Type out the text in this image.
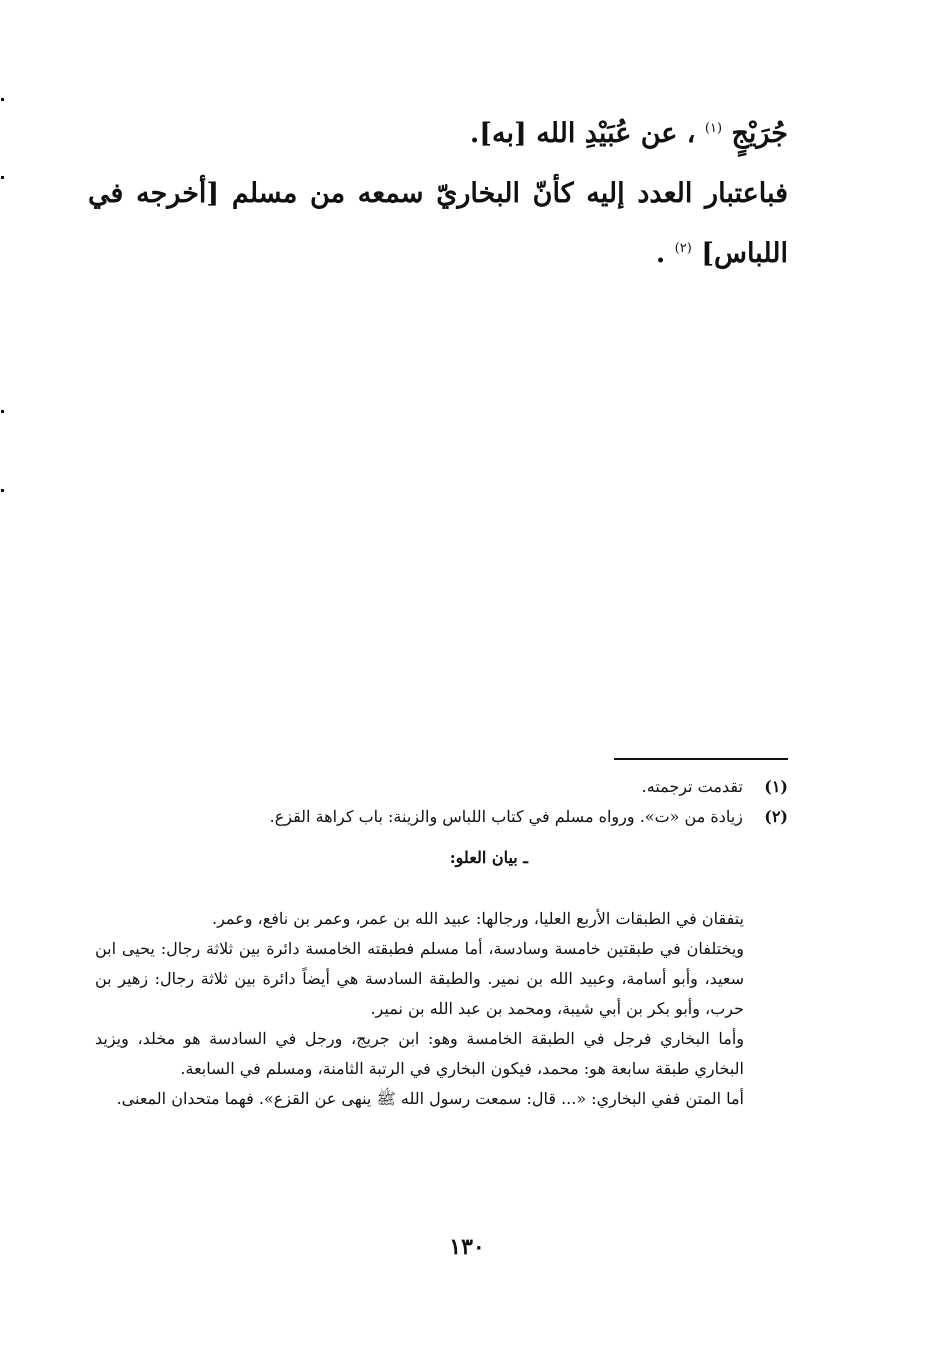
جُرَيْجٍ $^{(١)}$ ، عن عُبَيْدِ الله [به].

فباعتبار العدد إليه كأنّ البخاريّ سمعه من مسلم [أخرجه في اللباس] $^{(٢)}$ .

(١) تقدمت ترجمته.

(٢) زيادة من «ت». ورواه مسلم في كتاب اللباس والزينة: باب كراهة القزع.

ـ بيان العلو:

يتفقان في الطبقات الأربع العليا، ورجالها: عبيد الله بن عمر، وعمر بن نافع، وعمر.

ويختلفان في طبقتين خامسة وسادسة، أما مسلم فطبقته الخامسة دائرة بين ثلاثة رجال: يحيى ابن سعيد، وأبو أسامة، وعبيد الله بن نمير. والطبقة السادسة هي أيضاً دائرة بين ثلاثة رجال: زهير بن حرب، وأبو بكر بن أبي شيبة، ومحمد بن عبد الله بن نمير.

وأما البخاري فرجل في الطبقة الخامسة وهو: ابن جريج، ورجل في السادسة هو مخلد، ويزيد البخاري طبقة سابعة هو: محمد، فيكون البخاري في الرتبة الثامنة، ومسلم في السابعة.

أما المتن ففي البخاري: «... قال: سمعت رسول الله ﷺ ينهى عن القزع». فهما متحدان المعنى.

١٣٠
